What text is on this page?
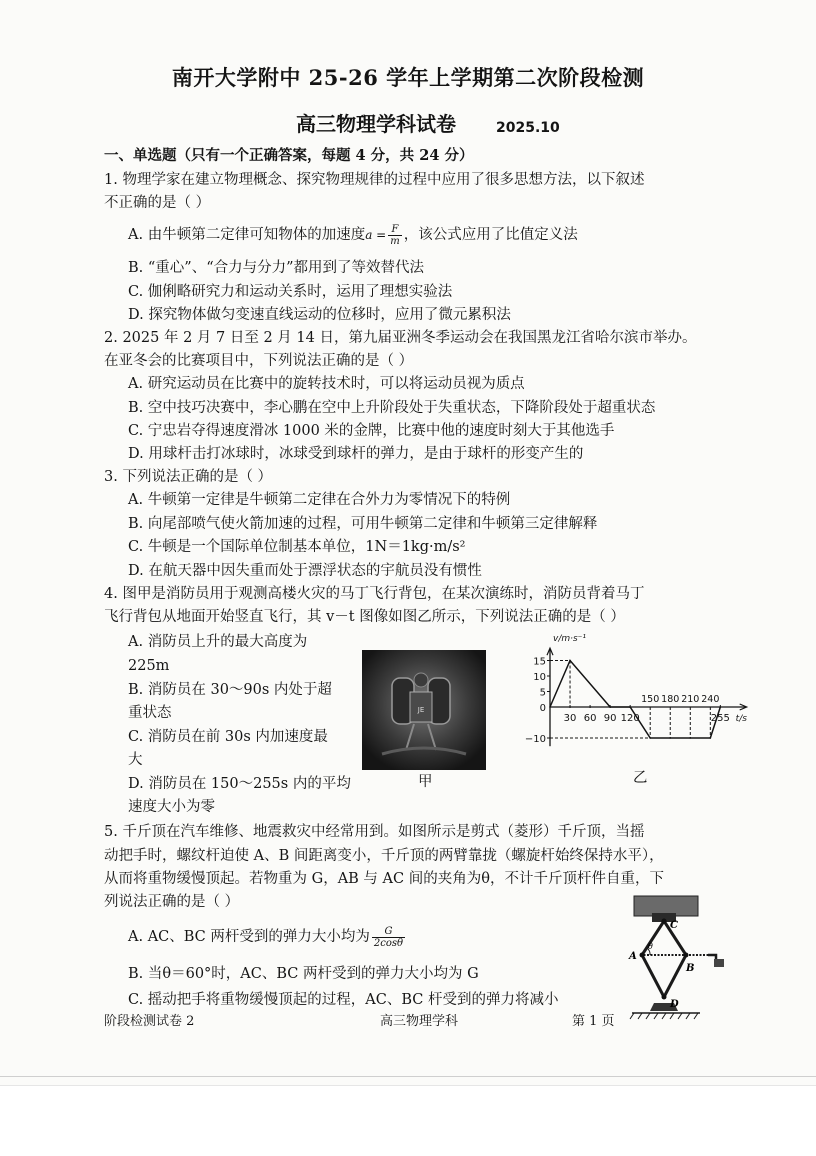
南开大学附中 25-26 学年上学期第二次阶段检测
高三物理学科试卷	2025.10
一、单选题（只有一个正确答案，每题 4 分，共 24 分）
1. 物理学家在建立物理概念、探究物理规律的过程中应用了很多思想方法，以下叙述
不正确的是（ ）
A. 由牛顿第二定律可知物体的加速度$a = \frac{F}{m}$ ，该公式应用了比值定义法
B. “重心”、“合力与分力”都用到了等效替代法
C. 伽俐略研究力和运动关系时，运用了理想实验法
D. 探究物体做匀变速直线运动的位移时，应用了微元累积法
2. 2025 年 2 月 7 日至 2 月 14 日，第九届亚洲冬季运动会在我国黑龙江省哈尔滨市举办。
在亚冬会的比赛项目中，下列说法正确的是（ ）
A. 研究运动员在比赛中的旋转技术时，可以将运动员视为质点
B. 空中技巧决赛中，李心鹏在空中上升阶段处于失重状态，下降阶段处于超重状态
C. 宁忠岩夺得速度滑冰 1000 米的金牌，比赛中他的速度时刻大于其他选手
D. 用球杆击打冰球时，冰球受到球杆的弹力，是由于球杆的形变产生的
3. 下列说法正确的是（ ）
A. 牛顿第一定律是牛顿第二定律在合外力为零情况下的特例
B. 向尾部喷气使火箭加速的过程，可用牛顿第二定律和牛顿第三定律解释
C. 牛顿是一个国际单位制基本单位，1N＝1kg·m/s²
D. 在航天器中因失重而处于漂浮状态的宇航员没有惯性
4. 图甲是消防员用于观测高楼火灾的马丁飞行背包，在某次演练时，消防员背着马丁
飞行背包从地面开始竖直飞行，其 v－t 图像如图乙所示，下列说法正确的是（ ）
A. 消防员上升的最大高度为
225m
B. 消防员在 30～90s 内处于超
重状态
C. 消防员在前 30s 内加速度最
大
D. 消防员在 150～255s 内的平均
速度大小为零
JE
甲
v/m·s⁻¹
t/s
15
10
5
0
−10
30 60 90 120	255
150 180 210 240
乙
5. 千斤顶在汽车维修、地震救灾中经常用到。如图所示是剪式（菱形）千斤顶，当摇
动把手时，螺纹杆迫使 A、B 间距离变小，千斤顶的两臂靠拢（螺旋杆始终保持水平），
从而将重物缓慢顶起。若物重为 G，AB 与 AC 间的夹角为θ，不计千斤顶杆件自重，下
列说法正确的是（ ）
A. AC、BC 两杆受到的弹力大小均为 $\frac{G}{2\cos\theta}$
B. 当θ＝60°时，AC、BC 两杆受到的弹力大小均为 G
C. 摇动把手将重物缓慢顶起的过程，AC、BC 杆受到的弹力将减小
C
A
B
D
θ
阶段检测试卷 2	高三物理学科	第 1 页
